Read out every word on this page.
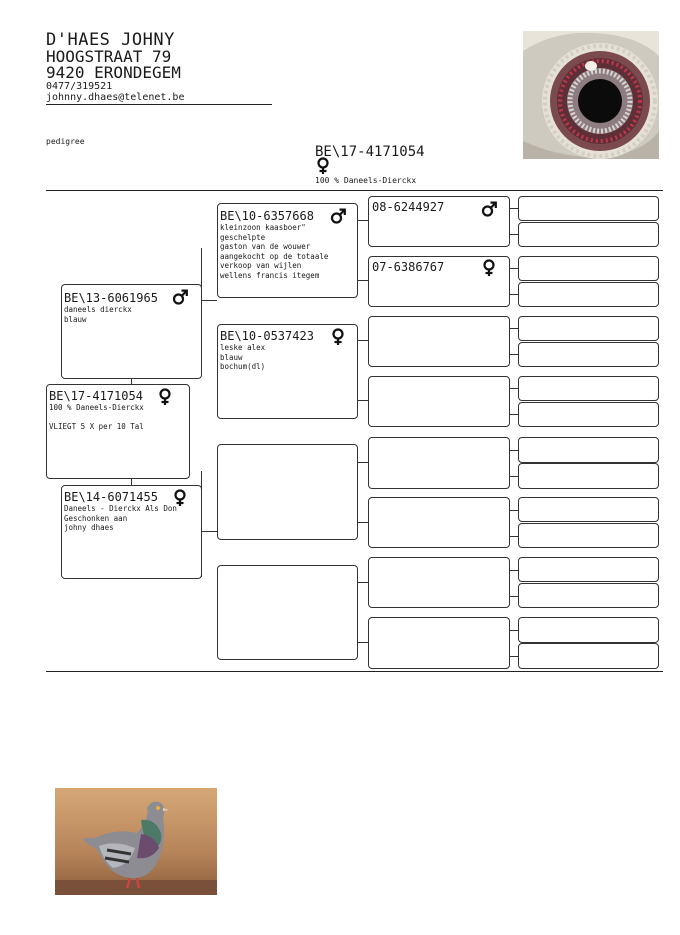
D'HAES JOHNY
HOOGSTRAAT 79
9420 ERONDEGEM
0477/319521
johnny.dhaes@telenet.be
pedigree
BE\17-4171054
100 % Daneels-Dierckx
BE\17-4171054
100 % Daneels-Dierckx

VLIEGT 5 X per 10 Tal
BE\13-6061965
daneels dierckx
blauw
BE\14-6071455
Daneels - Dierckx Als Don
Geschonken aan
johny dhaes
BE\10-6357668
kleinzoon kaasboer"
geschelpte
gaston van de wouwer
aangekocht op de totaale
verkoop van wijlen
wellens francis itegem
BE\10-0537423
leske alex
blauw
bochum(dl)
08-6244927
07-6386767
